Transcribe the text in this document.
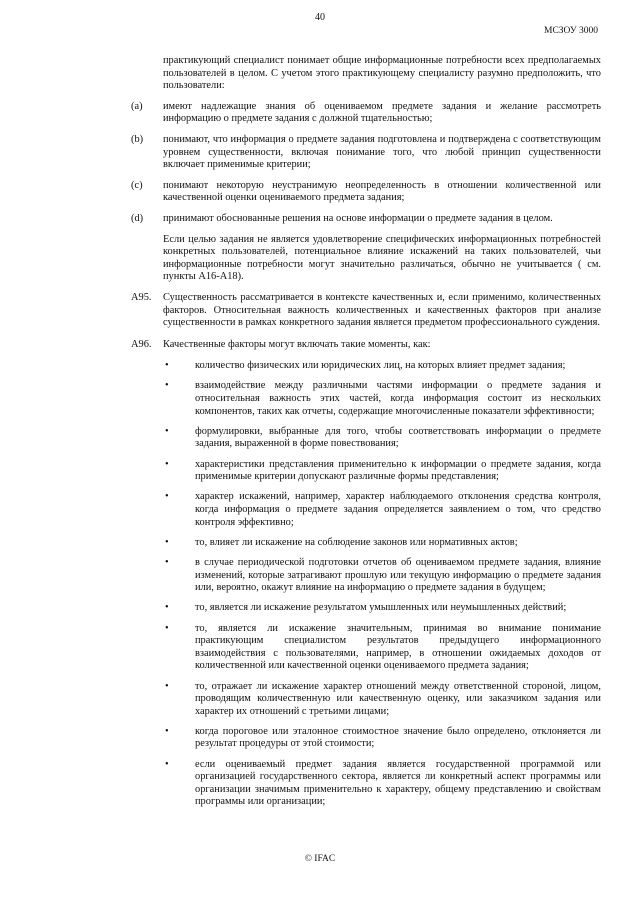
40
МСЗОУ 3000

практикующий специалист понимает общие информационные потребности всех предполагаемых пользователей в целом. С учетом этого практикующему специалисту разумно предположить, что пользователи:

(a)	имеют надлежащие знания об оцениваемом предмете задания и желание рассмотреть информацию о предмете задания с должной тщательностью;
(b)	понимают, что информация о предмете задания подготовлена и подтверждена с соответствующим уровнем существенности, включая понимание того, что любой принцип существенности включает применимые критерии;
(c)	понимают некоторую неустранимую неопределенность в отношении количественной или качественной оценки оцениваемого предмета задания;
(d)	принимают обоснованные решения на основе информации о предмете задания в целом.

Если целью задания не является удовлетворение специфических информационных потребностей конкретных пользователей, потенциальное влияние искажений на таких пользователей, чьи информационные потребности могут значительно различаться, обычно не учитывается ( см. пункты А16-А18).

A95.	Существенность рассматривается в контексте качественных и, если применимо, количественных факторов. Относительная важность количественных и качественных факторов при анализе существенности в рамках конкретного задания является предметом профессионального суждения.
A96.	Качественные факторы могут включать такие моменты, как:
•	количество физических или юридических лиц, на которых влияет предмет задания;
•	взаимодействие между различными частями информации о предмете задания и относительная важность этих частей, когда информация состоит из нескольких компонентов, таких как отчеты, содержащие многочисленные показатели эффективности;
•	формулировки, выбранные для того, чтобы соответствовать информации о предмете задания, выраженной в форме повествования;
•	характеристики представления применительно к информации о предмете задания, когда применимые критерии допускают различные формы представления;
•	характер искажений, например, характер наблюдаемого отклонения средства контроля, когда информация о предмете задания определяется заявлением о том, что средство контроля эффективно;
•	то, влияет ли искажение на соблюдение законов или нормативных актов;
•	в случае периодической подготовки отчетов об оцениваемом предмете задания, влияние изменений, которые затрагивают прошлую или текущую информацию о предмете задания или, вероятно, окажут влияние на информацию о предмете задания в будущем;
•	то, является ли искажение результатом умышленных или неумышленных действий;
•	то, является ли искажение значительным, принимая во внимание понимание практикующим специалистом результатов предыдущего информационного взаимодействия с пользователями, например, в отношении ожидаемых доходов от количественной или качественной оценки оцениваемого предмета задания;
•	то, отражает ли искажение характер отношений между ответственной стороной, лицом, проводящим количественную или качественную оценку, или заказчиком задания или характер их отношений с третьими лицами;
•	когда пороговое или эталонное стоимостное значение было определено, отклоняется ли результат процедуры от этой стоимости;
•	если оцениваемый предмет задания является государственной программой или организацией государственного сектора, является ли конкретный аспект программы или организации значимым применительно к характеру, общему представлению и свойствам программы или организации;
© IFAC
